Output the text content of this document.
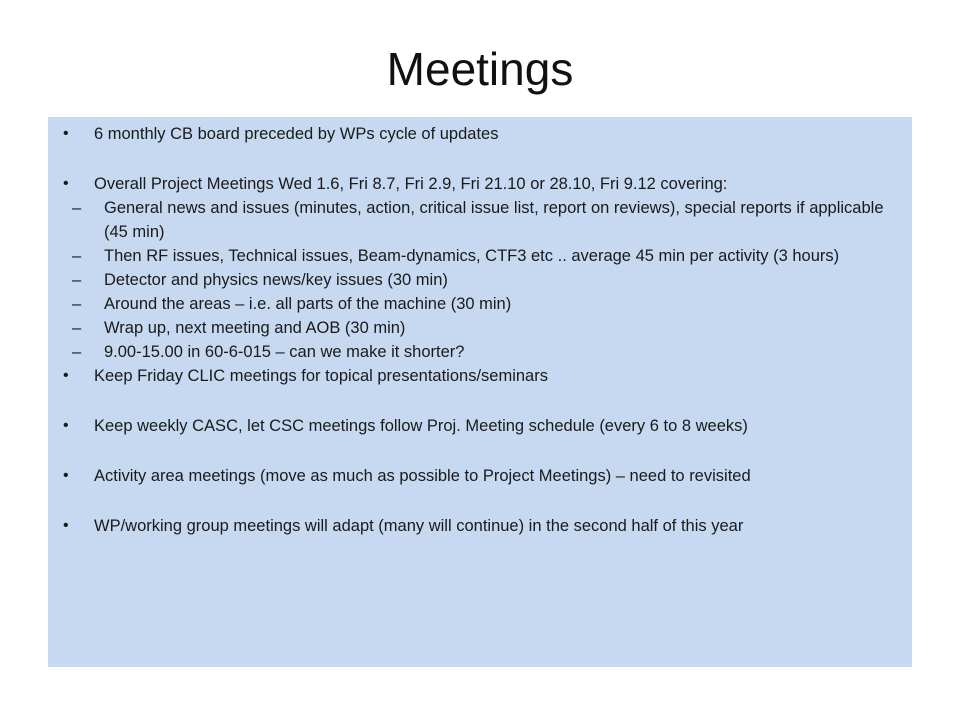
Meetings
• 6 monthly CB board preceded by WPs cycle of updates
• Overall Project Meetings Wed 1.6, Fri 8.7, Fri 2.9, Fri 21.10 or 28.10, Fri 9.12 covering:
– General news and issues (minutes, action, critical issue list, report on reviews), special reports if applicable (45 min)
– Then RF issues, Technical issues, Beam-dynamics, CTF3 etc .. average 45 min per activity (3 hours)
– Detector and physics news/key issues (30 min)
– Around the areas – i.e. all parts of the machine (30 min)
– Wrap up, next meeting and AOB (30 min)
– 9.00-15.00 in 60-6-015 – can we make it shorter?
• Keep Friday CLIC meetings for topical presentations/seminars
• Keep weekly CASC, let CSC meetings follow Proj. Meeting schedule (every 6 to 8 weeks)
• Activity area meetings (move as much as possible to Project Meetings) – need to revisited
• WP/working group meetings will adapt (many will continue) in the second half of this year
